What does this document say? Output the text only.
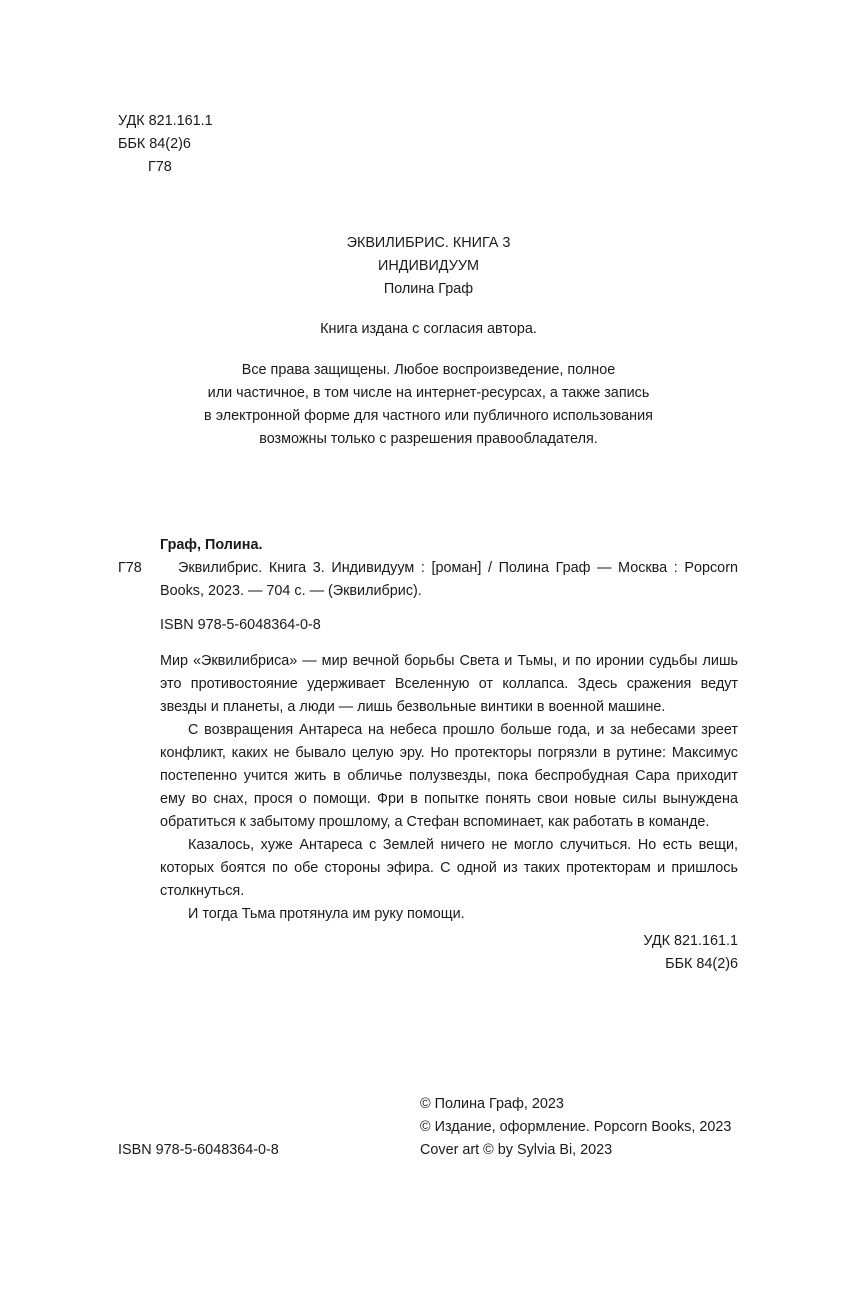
УДК 821.161.1
ББК 84(2)6
Г78
ЭКВИЛИБРИС. КНИГА 3
ИНДИВИДУУМ
Полина Граф
Книга издана с согласия автора.
Все права защищены. Любое воспроизведение, полное
или частичное, в том числе на интернет-ресурсах, а также запись
в электронной форме для частного или публичного использования
возможны только с разрешения правообладателя.
Граф, Полина.
Г78	Эквилибрис. Книга 3. Индивидуум : [роман] / Полина Граф — Москва : Popcorn
Books, 2023. — 704 с. — (Эквилибрис).
ISBN 978-5-6048364-0-8
Мир «Эквилибриса» — мир вечной борьбы Света и Тьмы, и по иронии судьбы лишь
это противостояние удерживает Вселенную от коллапса. Здесь сражения ведут
звезды и планеты, а люди — лишь безвольные винтики в военной машине.
С возвращения Антареса на небеса прошло больше года, и за небесами зреет
конфликт, каких не бывало целую эру. Но протекторы погрязли в рутине: Максимус
постепенно учится жить в обличье полузвезды, пока беспробудная Сара приходит
ему во снах, прося о помощи. Фри в попытке понять свои новые силы вынуждена
обратиться к забытому прошлому, а Стефан вспоминает, как работать в команде.
Казалось, хуже Антареса с Землей ничего не могло случиться. Но есть вещи,
которых боятся по обе стороны эфира. С одной из таких протекторам и пришлось
столкнуться.
И тогда Тьма протянула им руку помощи.
УДК 821.161.1
ББК 84(2)6
ISBN 978-5-6048364-0-8
© Полина Граф, 2023
© Издание, оформление. Popcorn Books, 2023
Cover art © by Sylvia Bi, 2023
